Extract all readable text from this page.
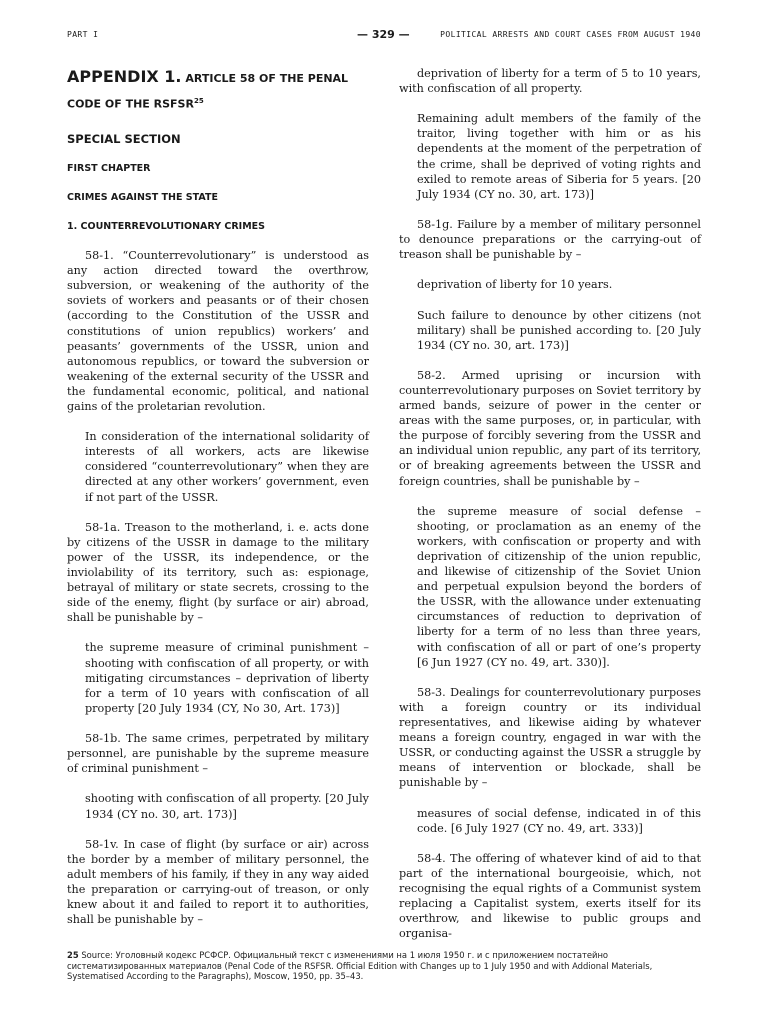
PART I	— 329 —	POLITICAL ARRESTS AND COURT CASES FROM AUGUST 1940
APPENDIX 1. ARTICLE 58 OF THE PENAL CODE OF THE RSFSR$^{25}$
SPECIAL SECTION
FIRST CHAPTER
CRIMES AGAINST THE STATE
1. COUNTERREVOLUTIONARY CRIMES

58-1. “Counterrevolutionary” is understood as any action directed toward the overthrow, subversion, or weakening of the authority of the soviets of workers and peasants or of their chosen (according to the Constitution of the USSR and constitutions of union republics) workers’ and peasants’ governments of the USSR, union and autonomous republics, or toward the subversion or weakening of the external security of the USSR and the fundamental economic, political, and national gains of the proletarian revolution.

In consideration of the international solidarity of interests of all workers, acts are likewise considered “counterrevolutionary” when they are directed at any other workers’ government, even if not part of the USSR.

58-1a. Treason to the motherland, i. e. acts done by citizens of the USSR in damage to the military power of the USSR, its independence, or the inviolability of its territory, such as: espionage, betrayal of military or state secrets, crossing to the side of the enemy, flight (by surface or air) abroad, shall be punishable by –

the supreme measure of criminal punishment – shooting with confiscation of all property, or with mitigating circumstances – deprivation of liberty for a term of 10 years with confiscation of all property [20 July 1934 (CY, No 30, Art. 173)]

58-1b. The same crimes, perpetrated by military personnel, are punishable by the supreme measure of criminal punishment –

shooting with confiscation of all property. [20 July 1934 (CY no. 30, art. 173)]

58-1v. In case of flight (by surface or air) across the border by a member of military personnel, the adult members of his family, if they in any way aided the preparation or carrying-out of treason, or only knew about it and failed to report it to authorities, shall be punishable by –

deprivation of liberty for a term of 5 to 10 years, with confiscation of all property.

Remaining adult members of the family of the traitor, living together with him or as his dependents at the moment of the perpetration of the crime, shall be deprived of voting rights and exiled to remote areas of Siberia for 5 years. [20 July 1934 (CY no. 30, art. 173)]

58-1g. Failure by a member of military personnel to denounce preparations or the carrying-out of treason shall be punishable by –

deprivation of liberty for 10 years.

Such failure to denounce by other citizens (not military) shall be punished according to. [20 July 1934 (CY no. 30, art. 173)]

58-2. Armed uprising or incursion with counterrevolutionary purposes on Soviet territory by armed bands, seizure of power in the center or areas with the same purposes, or, in particular, with the purpose of forcibly severing from the USSR and an individual union republic, any part of its territory, or of breaking agreements between the USSR and foreign countries, shall be punishable by –

the supreme measure of social defense – shooting, or proclamation as an enemy of the workers, with confiscation or property and with deprivation of citizenship of the union republic, and likewise of citizenship of the Soviet Union and perpetual expulsion beyond the borders of the USSR, with the allowance under extenuating circumstances of reduction to deprivation of liberty for a term of no less than three years, with confiscation of all or part of one’s property [6 Jun 1927 (CY no. 49, art. 330)].

58-3. Dealings for counterrevolutionary purposes with a foreign country or its individual representatives, and likewise aiding by whatever means a foreign country, engaged in war with the USSR, or conducting against the USSR a struggle by means of intervention or blockade, shall be punishable by –

measures of social defense, indicated in of this code. [6 July 1927 (CY no. 49, art. 333)]

58-4. The offering of whatever kind of aid to that part of the international bourgeoisie, which, not recognising the equal rights of a Communist system replacing a Capitalist system, exerts itself for its overthrow, and likewise to public groups and organisa-

25 Source: Уголовный кодекс РСФСР. Официальный текст с изменениями на 1 июля 1950 г. и с приложением постатейно систематизированных материалов (Penal Code of the RSFSR. Official Edition with Changes up to 1 July 1950 and with Addional Materials, Systematised According to the Paragraphs), Moscow, 1950, pp. 35–43.
